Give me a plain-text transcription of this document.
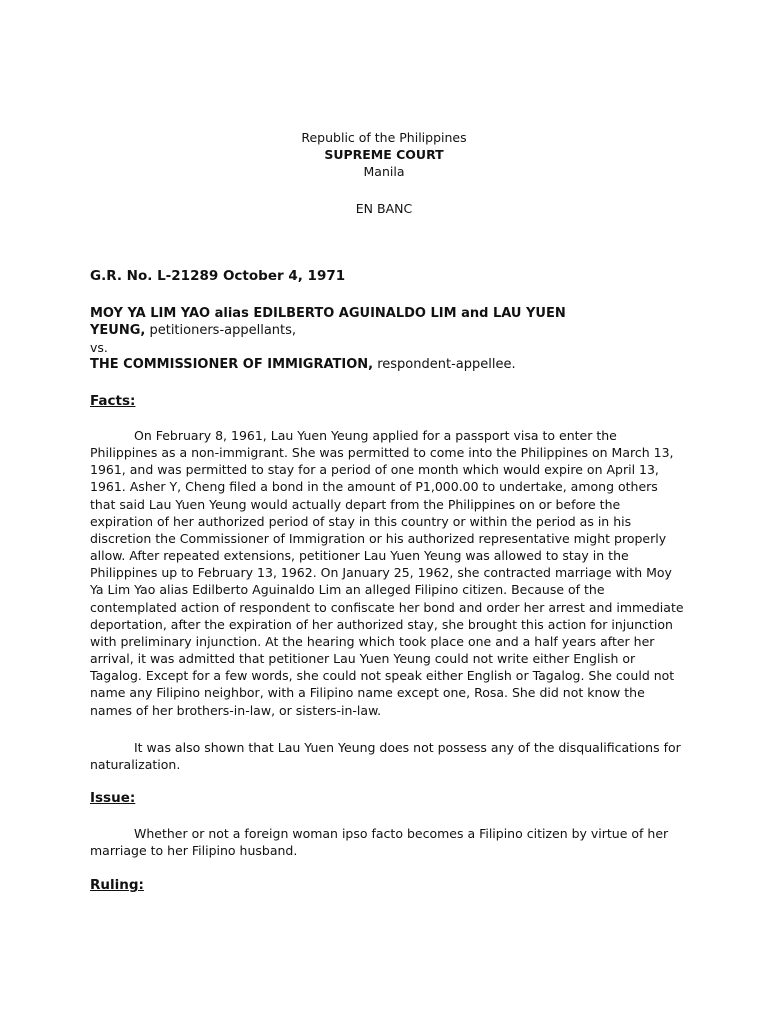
Republic of the Philippines
SUPREME COURT
Manila
EN BANC
G.R. No. L-21289 October 4, 1971
MOY YA LIM YAO alias EDILBERTO AGUINALDO LIM and LAU YUEN YEUNG, petitioners-appellants,
vs.
THE COMMISSIONER OF IMMIGRATION, respondent-appellee.
Facts:

On February 8, 1961, Lau Yuen Yeung applied for a passport visa to enter the Philippines as a non-immigrant. She was permitted to come into the Philippines on March 13, 1961, and was permitted to stay for a period of one month which would expire on April 13, 1961. Asher Y, Cheng filed a bond in the amount of P1,000.00 to undertake, among others that said Lau Yuen Yeung would actually depart from the Philippines on or before the expiration of her authorized period of stay in this country or within the period as in his discretion the Commissioner of Immigration or his authorized representative might properly allow. After repeated extensions, petitioner Lau Yuen Yeung was allowed to stay in the Philippines up to February 13, 1962. On January 25, 1962, she contracted marriage with Moy Ya Lim Yao alias Edilberto Aguinaldo Lim an alleged Filipino citizen. Because of the contemplated action of respondent to confiscate her bond and order her arrest and immediate deportation, after the expiration of her authorized stay, she brought this action for injunction with preliminary injunction. At the hearing which took place one and a half years after her arrival, it was admitted that petitioner Lau Yuen Yeung could not write either English or Tagalog. Except for a few words, she could not speak either English or Tagalog. She could not name any Filipino neighbor, with a Filipino name except one, Rosa. She did not know the names of her brothers-in-law, or sisters-in-law.

It was also shown that Lau Yuen Yeung does not possess any of the disqualifications for naturalization.

Issue:

Whether or not a foreign woman ipso facto becomes a Filipino citizen by virtue of her marriage to her Filipino husband.

Ruling:
